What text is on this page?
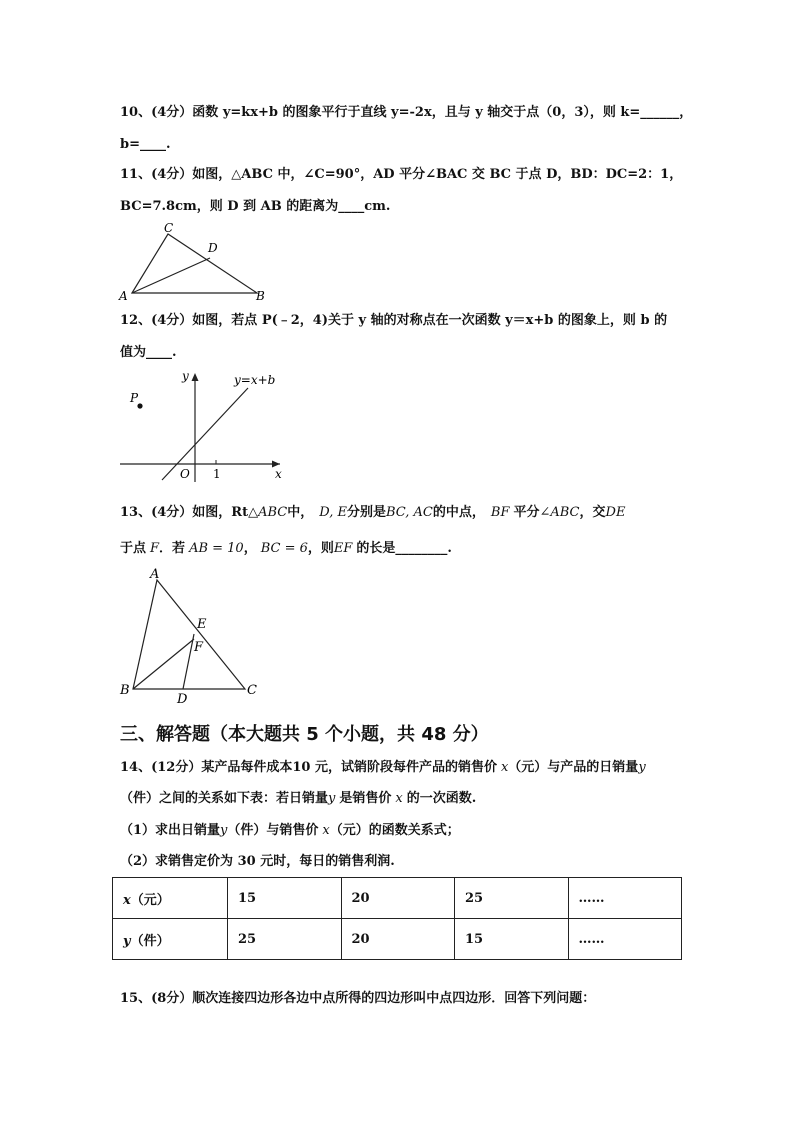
10、(4分）函数 y=kx+b 的图象平行于直线 y=-2x，且与 y 轴交于点（0，3），则 k=______，
b=____.
11、(4分）如图，△ABC 中，∠C=90°，AD 平分∠BAC 交 BC 于点 D，BD：DC=2：1，
BC=7.8cm，则 D 到 AB 的距离为____cm.
A
C
D
B
12、(4分）如图，若点 P(﹣2，4)关于 y 轴的对称点在一次函数 y＝x+b 的图象上，则 b 的
值为____.
P
y
x
O 1
y=x+b
13、(4分）如图，Rt△ABC中， D, E分别是BC, AC的中点， BF 平分∠ABC，交DE
于点 F．若 AB = 10， BC = 6，则EF 的长是________.
A
E
F
B
D
C
三、解答题（本大题共 5 个小题，共 48 分）
14、(12分）某产品每件成本10 元，试销阶段每件产品的销售价 x（元）与产品的日销量y
（件）之间的关系如下表：若日销量y 是销售价 x 的一次函数.
（1）求出日销量y（件）与销售价 x（元）的函数关系式；
（2）求销售定价为 30 元时，每日的销售利润.
x（元）	15	20	25	……
y（件）	25	20	15	……
15、(8分）顺次连接四边形各边中点所得的四边形叫中点四边形．回答下列问题：
